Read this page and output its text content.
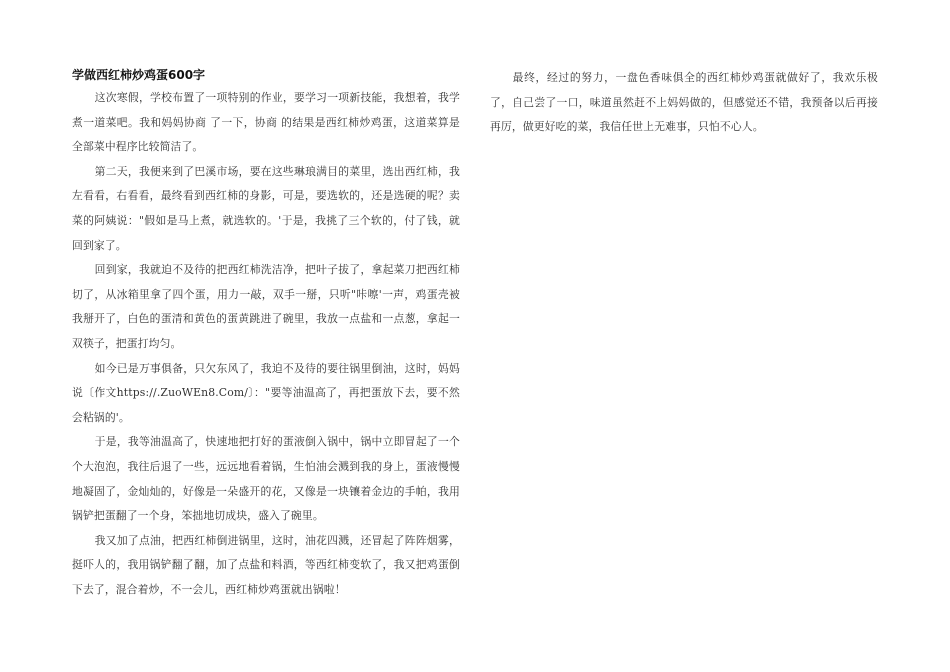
学做西红柿炒鸡蛋600字

这次寒假，学校布置了一项特别的作业，要学习一项新技能，我想着，我学煮一道菜吧。我和妈妈协商 了一下，协商 的结果是西红柿炒鸡蛋，这道菜算是全部菜中程序比较简洁了。

第二天，我便来到了巴溪市场，要在这些琳琅满目的菜里，选出西红柿，我左看看，右看看，最终看到西红柿的身影，可是，要选软的，还是选硬的呢？卖菜的阿姨说："假如是马上煮，就选软的。'于是，我挑了三个软的，付了钱，就回到家了。

回到家，我就迫不及待的把西红柿洗洁净，把叶子拔了，拿起菜刀把西红柿切了，从冰箱里拿了四个蛋，用力一敲，双手一掰，只听"咔嚓'一声，鸡蛋壳被我掰开了，白色的蛋清和黄色的蛋黄跳进了碗里，我放一点盐和一点葱，拿起一双筷子，把蛋打均匀。

如今已是万事俱备，只欠东风了，我迫不及待的要往锅里倒油，这时，妈妈说〔作文https://.ZuoWEn8.Com/〕："要等油温高了，再把蛋放下去，要不然会粘锅的'。

于是，我等油温高了，快速地把打好的蛋液倒入锅中，锅中立即冒起了一个个大泡泡，我往后退了一些，远远地看着锅，生怕油会溅到我的身上，蛋液慢慢地凝固了，金灿灿的，好像是一朵盛开的花，又像是一块镶着金边的手帕，我用锅铲把蛋翻了一个身，笨拙地切成块，盛入了碗里。

我又加了点油，把西红柿倒进锅里，这时，油花四溅，还冒起了阵阵烟雾，挺吓人的，我用锅铲翻了翻，加了点盐和料酒，等西红柿变软了，我又把鸡蛋倒下去了，混合着炒，不一会儿，西红柿炒鸡蛋就出锅啦！

最终，经过的努力，一盘色香味俱全的西红柿炒鸡蛋就做好了，我欢乐极了，自己尝了一口，味道虽然赶不上妈妈做的，但感觉还不错，我预备以后再接再厉，做更好吃的菜，我信任世上无难事，只怕不心人。
